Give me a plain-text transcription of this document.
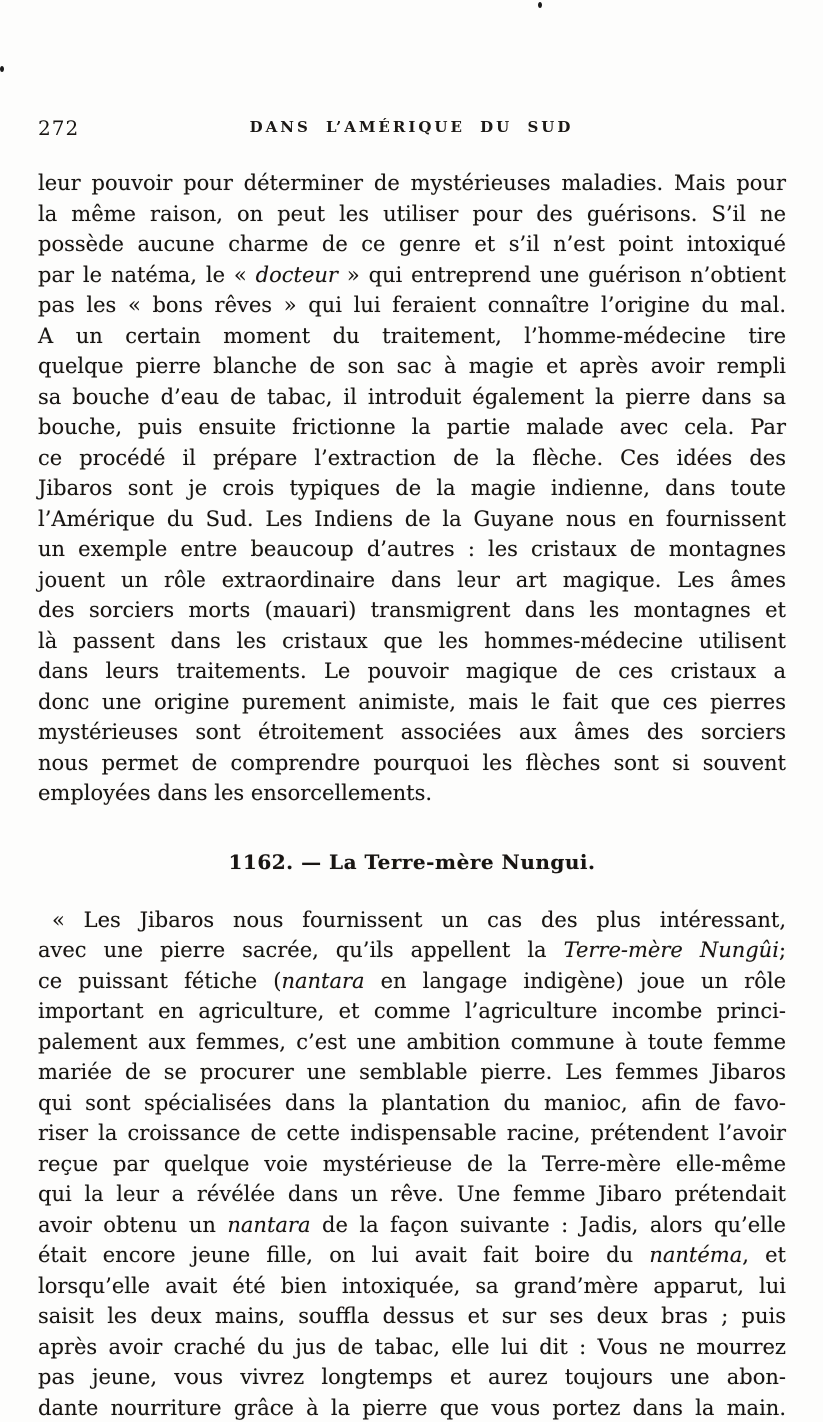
272	DANS L’AMÉRIQUE DU SUD
leur pouvoir pour déterminer de mystérieuses maladies. Mais pour
la même raison, on peut les utiliser pour des guérisons. S’il ne
possède aucune charme de ce genre et s’il n’est point intoxiqué
par le natéma, le « docteur » qui entreprend une guérison n’obtient
pas les « bons rêves » qui lui feraient connaître l’origine du mal.
A un certain moment du traitement, l’homme-médecine tire
quelque pierre blanche de son sac à magie et après avoir rempli
sa bouche d’eau de tabac, il introduit également la pierre dans sa
bouche, puis ensuite frictionne la partie malade avec cela. Par
ce procédé il prépare l’extraction de la flèche. Ces idées des
Jibaros sont je crois typiques de la magie indienne, dans toute
l’Amérique du Sud. Les Indiens de la Guyane nous en fournissent
un exemple entre beaucoup d’autres : les cristaux de montagnes
jouent un rôle extraordinaire dans leur art magique. Les âmes
des sorciers morts (mauari) transmigrent dans les montagnes et
là passent dans les cristaux que les hommes-médecine utilisent
dans leurs traitements. Le pouvoir magique de ces cristaux a
donc une origine purement animiste, mais le fait que ces pierres
mystérieuses sont étroitement associées aux âmes des sorciers
nous permet de comprendre pourquoi les flèches sont si souvent
employées dans les ensorcellements.
1162. — La Terre-mère Nungui.
« Les Jibaros nous fournissent un cas des plus intéressant,
avec une pierre sacrée, qu’ils appellent la Terre-mère Nungûi;
ce puissant fétiche (nantara en langage indigène) joue un rôle
important en agriculture, et comme l’agriculture incombe princi-
palement aux femmes, c’est une ambition commune à toute femme
mariée de se procurer une semblable pierre. Les femmes Jibaros
qui sont spécialisées dans la plantation du manioc, afin de favo-
riser la croissance de cette indispensable racine, prétendent l’avoir
reçue par quelque voie mystérieuse de la Terre-mère elle-même
qui la leur a révélée dans un rêve. Une femme Jibaro prétendait
avoir obtenu un nantara de la façon suivante : Jadis, alors qu’elle
était encore jeune fille, on lui avait fait boire du nantéma, et
lorsqu’elle avait été bien intoxiquée, sa grand’mère apparut, lui
saisit les deux mains, souffla dessus et sur ses deux bras ; puis
après avoir craché du jus de tabac, elle lui dit : Vous ne mourrez
pas jeune, vous vivrez longtemps et aurez toujours une abon-
dante nourriture grâce à la pierre que vous portez dans la main.
